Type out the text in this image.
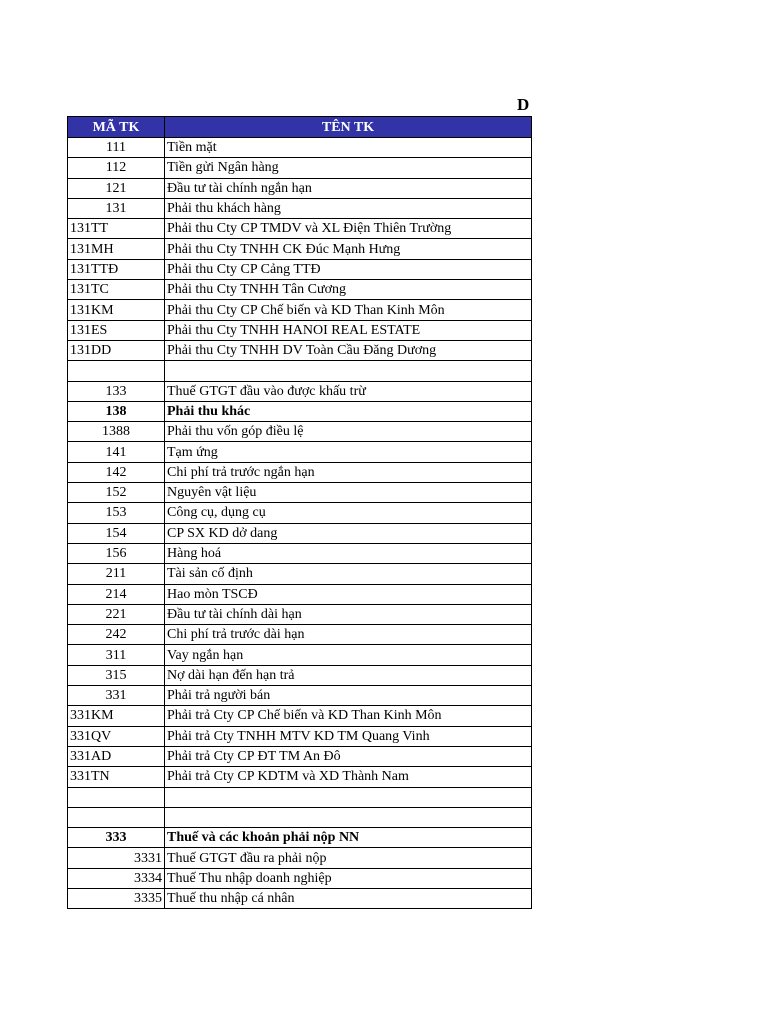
D
MÃ TK	TÊN TK
111	Tiền mặt
112	Tiền gửi Ngân hàng
121	Đầu tư tài chính ngắn hạn
131	Phải thu khách hàng
131TT	Phải thu Cty CP TMDV và XL Điện Thiên Trường
131MH	Phải thu Cty TNHH CK Đúc Mạnh Hưng
131TTĐ	Phải thu Cty CP Cảng TTĐ
131TC	Phải thu Cty TNHH Tân Cương
131KM	Phải thu Cty CP Chế biến và KD Than Kinh Môn
131ES	Phải thu Cty TNHH HANOI REAL ESTATE
131DD	Phải thu Cty TNHH DV Toàn Cầu Đăng Dương

133	Thuế GTGT đầu vào được khấu trừ
138	Phải thu khác
1388	Phải thu vốn góp điều lệ
141	Tạm ứng
142	Chi phí trả trước ngắn hạn
152	Nguyên vật liệu
153	Công cụ, dụng cụ
154	CP SX KD dở dang
156	Hàng hoá
211	Tài sản cố định
214	Hao mòn TSCĐ
221	Đầu tư tài chính dài hạn
242	Chi phí trả trước dài hạn
311	Vay ngắn hạn
315	Nợ dài hạn đến hạn trả
331	Phải trả người bán
331KM	Phải trả Cty CP Chế biến và KD Than Kinh Môn
331QV	Phải trả Cty TNHH MTV KD TM Quang Vinh
331AD	Phải trả Cty CP ĐT TM An Đô
331TN	Phải trả Cty CP KDTM và XD Thành Nam

333	Thuế và các khoản phải nộp NN
3331	Thuế GTGT đầu ra phải nộp
3334	Thuế Thu nhập doanh nghiệp
3335	Thuế thu nhập cá nhân
